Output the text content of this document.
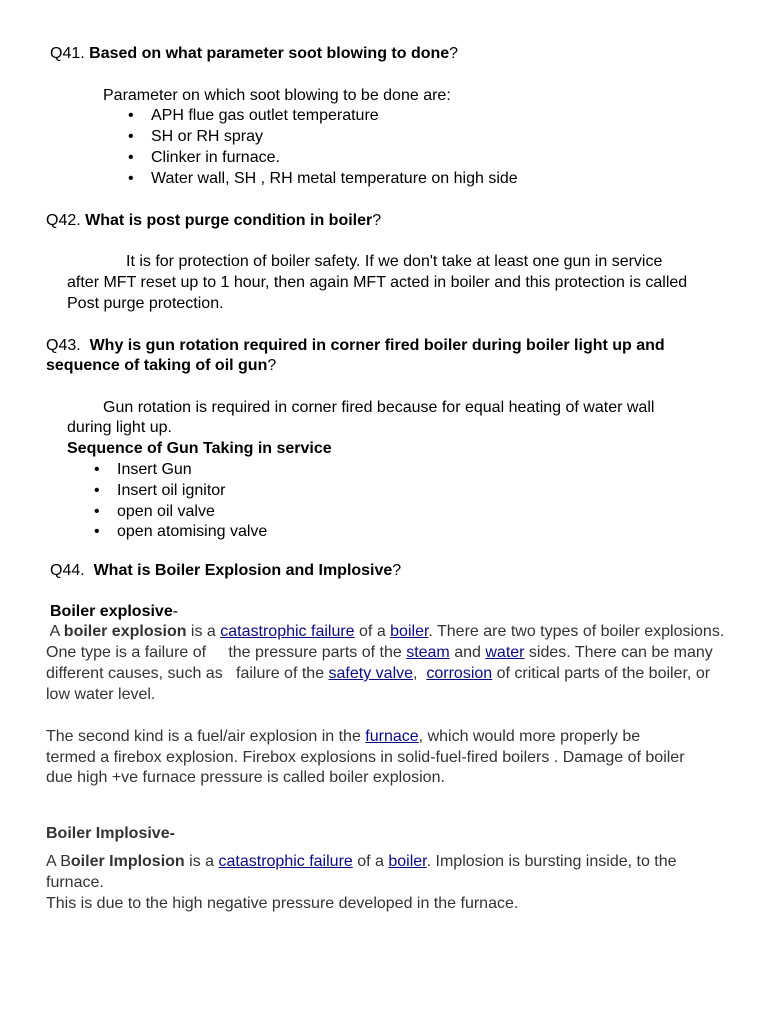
Q41. Based on what parameter soot blowing to done?
Parameter on which soot blowing to be done are:
• APH flue gas outlet temperature
• SH or RH spray
• Clinker in furnace.
• Water wall, SH , RH metal temperature on high side
Q42. What is post purge condition in boiler?
It is for protection of boiler safety. If we don't take at least one gun in service
after MFT reset up to 1 hour, then again MFT acted in boiler and this protection is called
Post purge protection.
Q43.  Why is gun rotation required in corner fired boiler during boiler light up and
sequence of taking of oil gun?
Gun rotation is required in corner fired because for equal heating of water wall
during light up.
Sequence of Gun Taking in service
• Insert Gun
• Insert oil ignitor
• open oil valve
• open atomising valve
Q44.  What is Boiler Explosion and Implosive?
Boiler explosive-
A boiler explosion is a catastrophic failure of a boiler. There are two types of boiler explosions.
One type is a failure of     the pressure parts of the steam and water sides. There can be many
different causes, such as   failure of the safety valve,  corrosion of critical parts of the boiler, or
low water level.
The second kind is a fuel/air explosion in the furnace, which would more properly be
termed a firebox explosion. Firebox explosions in solid-fuel-fired boilers . Damage of boiler
due high +ve furnace pressure is called boiler explosion.
Boiler Implosive-
A Boiler Implosion is a catastrophic failure of a boiler. Implosion is bursting inside, to the
furnace.
This is due to the high negative pressure developed in the furnace.
